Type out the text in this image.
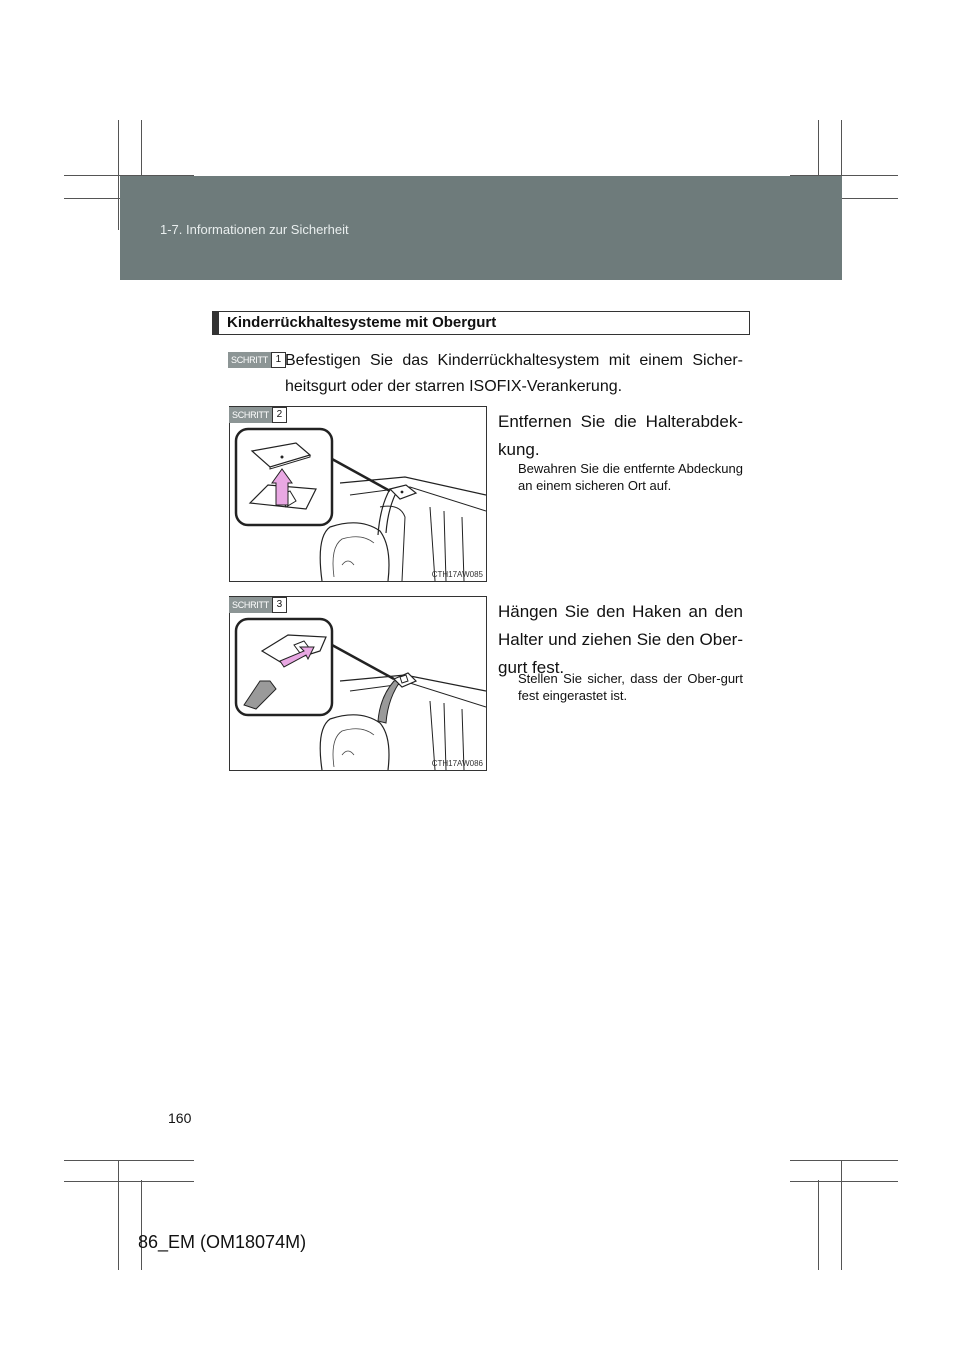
1-7. Informationen zur Sicherheit
Kinderrückhaltesysteme mit Obergurt
SCHRITT 1 Befestigen Sie das Kinderrückhaltesystem mit einem Sicher-heitsgurt oder der starren ISOFIX-Verankerung.
CTH17AW085
SCHRITT 2	Entfernen Sie die Halterabdek-kung.
Bewahren Sie die entfernte Abdeckung an einem sicheren Ort auf.
CTH17AW086
SCHRITT 3	Hängen Sie den Haken an den Halter und ziehen Sie den Ober-gurt fest.
Stellen Sie sicher, dass der Ober-gurt fest eingerastet ist.
160
86_EM (OM18074M)
